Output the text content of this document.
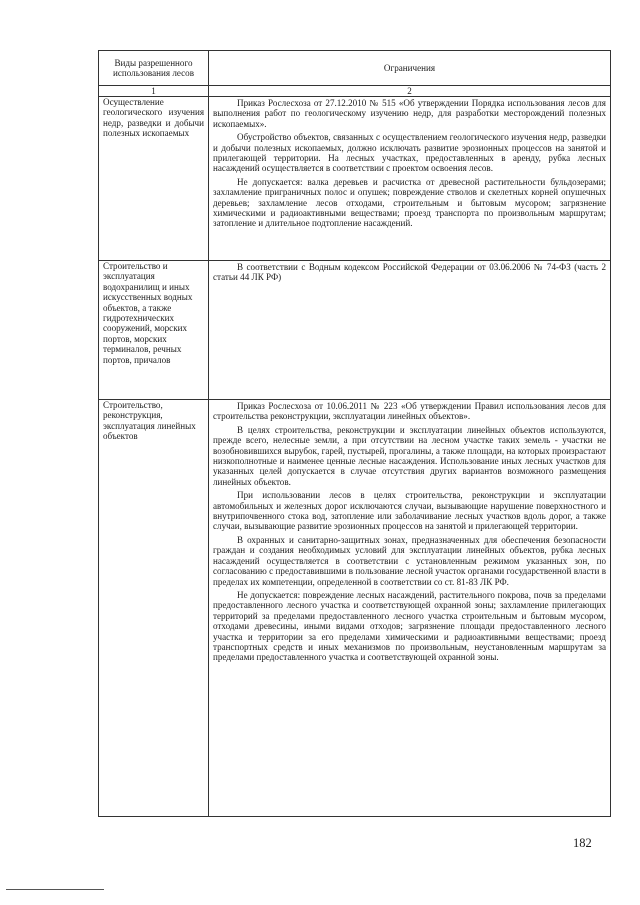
Виды разрешенного использования лесов	Ограничения
1	2
Осуществление геологического изучения недр, разведки и добычи полезных ископаемых	Приказ Рослесхоза от 27.12.2010 № 515 «Об утверждении Порядка использования лесов для выполнения работ по геологическому изучению недр, для разработки месторождений полезных ископаемых».

Обустройство объектов, связанных с осуществлением геологического изучения недр, разведки и добычи полезных ископаемых, должно исключать развитие эрозионных процессов на занятой и прилегающей территории. На лесных участках, предоставленных в аренду, рубка лесных насаждений осуществляется в соответствии с проектом освоения лесов.

Не допускается: валка деревьев и расчистка от древесной растительности бульдозерами; захламление приграничных полос и опушек; повреждение стволов и скелетных корней опушечных деревьев; захламление лесов отходами, строительным и бытовым мусором; загрязнение химическими и радиоактивными веществами; проезд транспорта по произвольным маршрутам; затопление и длительное подтопление насаждений.

Строительство и эксплуатация водохранилищ и иных искусственных водных объектов, а также гидротехнических сооружений, морских портов, морских терминалов, речных портов, причалов	В соответствии с Водным кодексом Российской Федерации от 03.06.2006 № 74-ФЗ (часть 2 статьи 44 ЛК РФ)

Строительство, реконструкция, эксплуатация линейных объектов	Приказ Рослесхоза от 10.06.2011 № 223 «Об утверждении Правил использования лесов для строительства реконструкции, эксплуатации линейных объектов».

В целях строительства, реконструкции и эксплуатации линейных объектов используются, прежде всего, нелесные земли, а при отсутствии на лесном участке таких земель - участки не возобновившихся вырубок, гарей, пустырей, прогалины, а также площади, на которых произрастают низкополнотные и наименее ценные лесные насаждения. Использование иных лесных участков для указанных целей допускается в случае отсутствия других вариантов возможного размещения линейных объектов.

При использовании лесов в целях строительства, реконструкции и эксплуатации автомобильных и железных дорог исключаются случаи, вызывающие нарушение поверхностного и внутрипочвенного стока вод, затопление или заболачивание лесных участков вдоль дорог, а также случаи, вызывающие развитие эрозионных процессов на занятой и прилегающей территории.

В охранных и санитарно-защитных зонах, предназначенных для обеспечения безопасности граждан и создания необходимых условий для эксплуатации линейных объектов, рубка лесных насаждений осуществляется в соответствии с установленным режимом указанных зон, по согласованию с предоставившими в пользование лесной участок органами государственной власти в пределах их компетенции, определенной в соответствии со ст. 81-83 ЛК РФ.

Не допускается: повреждение лесных насаждений, растительного покрова, почв за пределами предоставленного лесного участка и соответствующей охранной зоны; захламление прилегающих территорий за пределами предоставленного лесного участка строительным и бытовым мусором, отходами древесины, иными видами отходов; загрязнение площади предоставленного лесного участка и территории за его пределами химическими и радиоактивными веществами; проезд транспортных средств и иных механизмов по произвольным, неустановленным маршрутам за пределами предоставленного участка и соответствующей охранной зоны.

182
